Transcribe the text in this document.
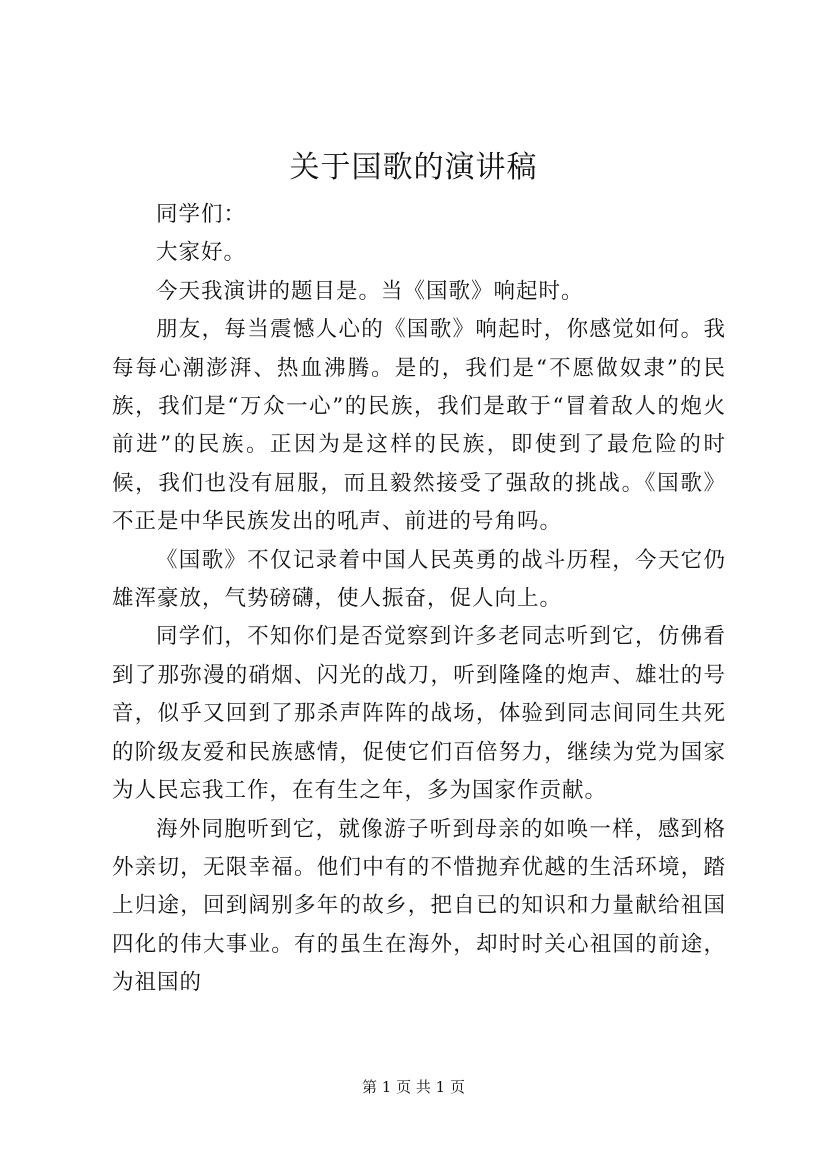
关于国歌的演讲稿

同学们：

大家好。

今天我演讲的题目是。当《国歌》响起时。

朋友，每当震憾人心的《国歌》响起时，你感觉如何。我每每心潮澎湃、热血沸腾。是的，我们是“不愿做奴隶”的民族，我们是“万众一心”的民族，我们是敢于“冒着敌人的炮火前进”的民族。正因为是这样的民族，即使到了最危险的时候，我们也没有屈服，而且毅然接受了强敌的挑战。《国歌》不正是中华民族发出的吼声、前进的号角吗。

《国歌》不仅记录着中国人民英勇的战斗历程，今天它仍雄浑豪放，气势磅礴，使人振奋，促人向上。

同学们，不知你们是否觉察到许多老同志听到它，仿佛看到了那弥漫的硝烟、闪光的战刀，听到隆隆的炮声、雄壮的号音，似乎又回到了那杀声阵阵的战场，体验到同志间同生共死的阶级友爱和民族感情，促使它们百倍努力，继续为党为国家为人民忘我工作，在有生之年，多为国家作贡献。

海外同胞听到它，就像游子听到母亲的如唤一样，感到格外亲切，无限幸福。他们中有的不惜抛弃优越的生活环境，踏上归途，回到阔别多年的故乡，把自已的知识和力量献给祖国四化的伟大事业。有的虽生在海外，却时时关心祖国的前途，为祖国的

第 1 页 共 1 页
